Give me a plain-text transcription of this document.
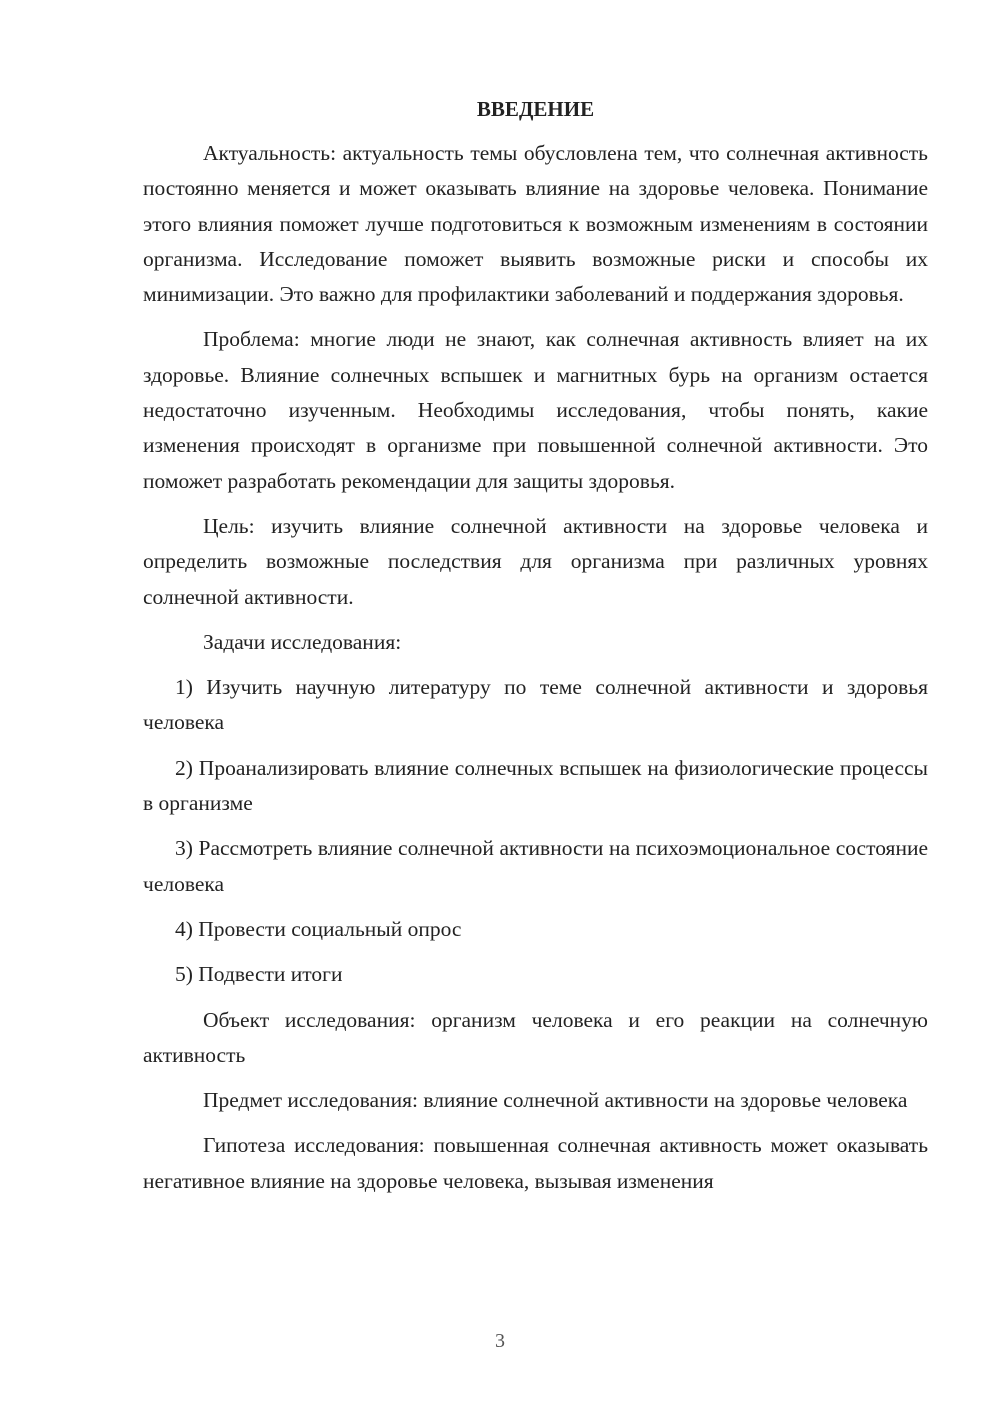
ВВЕДЕНИЕ

Актуальность: актуальность темы обусловлена тем, что солнечная активность постоянно меняется и может оказывать влияние на здоровье человека. Понимание этого влияния поможет лучше подготовиться к возможным изменениям в состоянии организма. Исследование поможет выявить возможные риски и способы их минимизации. Это важно для профилактики заболеваний и поддержания здоровья.

Проблема: многие люди не знают, как солнечная активность влияет на их здоровье. Влияние солнечных вспышек и магнитных бурь на организм остается недостаточно изученным. Необходимы исследования, чтобы понять, какие изменения происходят в организме при повышенной солнечной активности. Это поможет разработать рекомендации для защиты здоровья.

Цель: изучить влияние солнечной активности на здоровье человека и определить возможные последствия для организма при различных уровнях солнечной активности.

Задачи исследования:

1) Изучить научную литературу по теме солнечной активности и здоровья человека

2) Проанализировать влияние солнечных вспышек на физиологические процессы в организме

3) Рассмотреть влияние солнечной активности на психоэмоциональное состояние человека

4) Провести социальный опрос

5) Подвести итоги

Объект исследования: организм человека и его реакции на солнечную активность

Предмет исследования: влияние солнечной активности на здоровье человека

Гипотеза исследования: повышенная солнечная активность может оказывать негативное влияние на здоровье человека, вызывая изменения

3
